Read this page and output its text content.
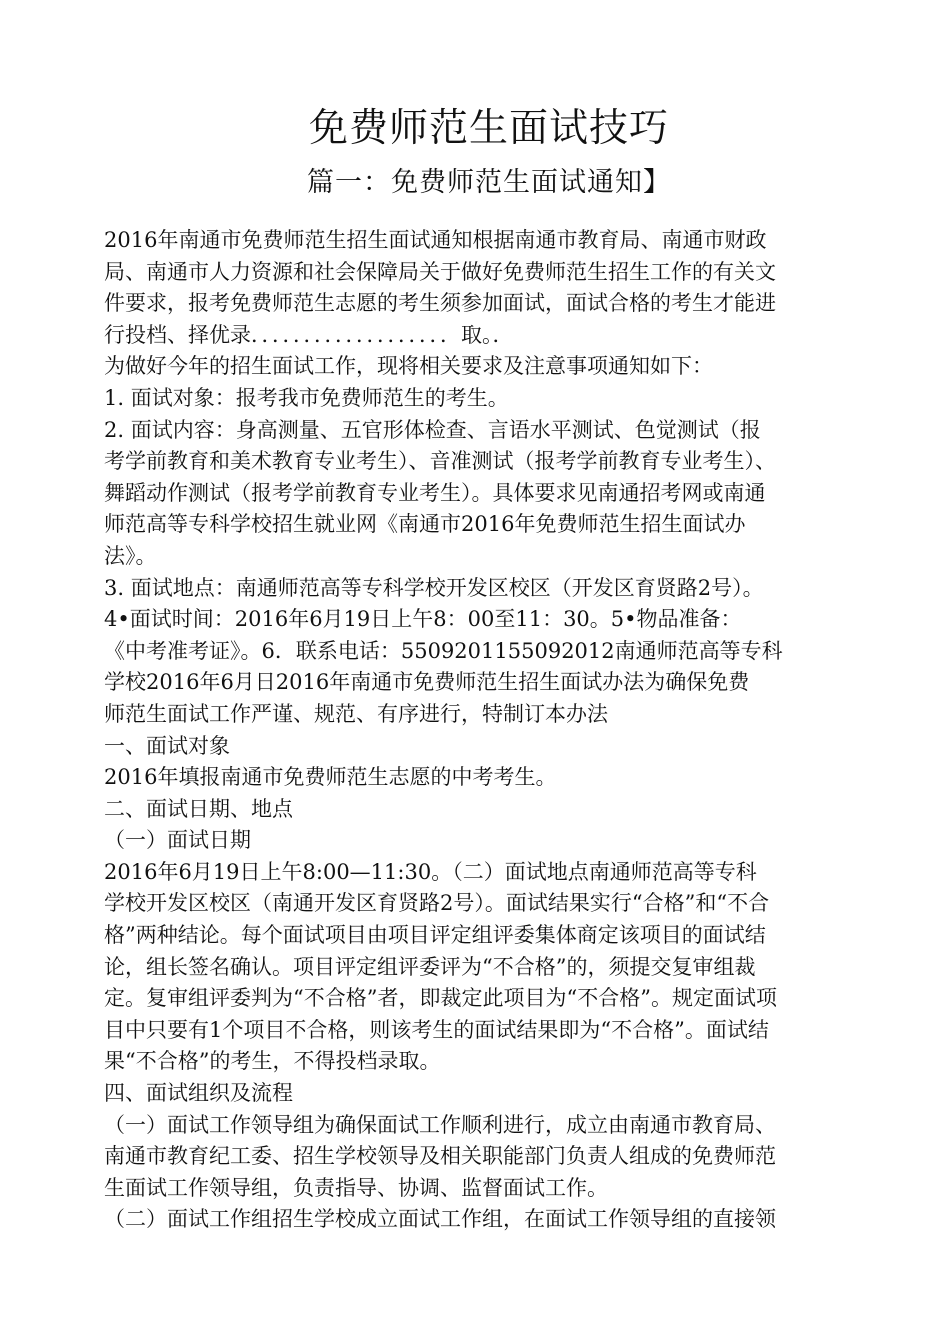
免费师范生面试技巧
篇一：免费师范生面试通知】
2016年南通市免费师范生招生面试通知根据南通市教育局、南通市财政
局、南通市人力资源和社会保障局关于做好免费师范生招生工作的有关文
件要求，报考免费师范生志愿的考生须参加面试，面试合格的考生才能进
行投档、择优录．．．．．．．．．．．．．．．．．．．取。．
为做好今年的招生面试工作，现将相关要求及注意事项通知如下：
1. 面试对象：报考我市免费师范生的考生。
2. 面试内容：身高测量、五官形体检查、言语水平测试、色觉测试（报
考学前教育和美术教育专业考生）、音准测试（报考学前教育专业考生）、
舞蹈动作测试（报考学前教育专业考生）。具体要求见南通招考网或南通
师范高等专科学校招生就业网《南通市2016年免费师范生招生面试办
法》。
3. 面试地点：南通师范高等专科学校开发区校区（开发区育贤路2号）。
4•面试时间：2016年6月19日上午8：00至11：30。5•物品准备：
《中考准考证》。6．联系电话：5509201155092012南通师范高等专科
学校2016年6月日2016年南通市免费师范生招生面试办法为确保免费
师范生面试工作严谨、规范、有序进行，特制订本办法
一、面试对象
2016年填报南通市免费师范生志愿的中考考生。
二、面试日期、地点
（一）面试日期
2016年6月19日上午8:00—11:30。（二）面试地点南通师范高等专科
学校开发区校区（南通开发区育贤路2号）。面试结果实行“合格”和“不合
格”两种结论。每个面试项目由项目评定组评委集体商定该项目的面试结
论，组长签名确认。项目评定组评委评为“不合格”的，须提交复审组裁
定。复审组评委判为“不合格”者，即裁定此项目为“不合格”。规定面试项
目中只要有1个项目不合格，则该考生的面试结果即为“不合格”。面试结
果“不合格”的考生，不得投档录取。
四、面试组织及流程
（一）面试工作领导组为确保面试工作顺利进行，成立由南通市教育局、
南通市教育纪工委、招生学校领导及相关职能部门负责人组成的免费师范
生面试工作领导组，负责指导、协调、监督面试工作。
（二）面试工作组招生学校成立面试工作组，在面试工作领导组的直接领
